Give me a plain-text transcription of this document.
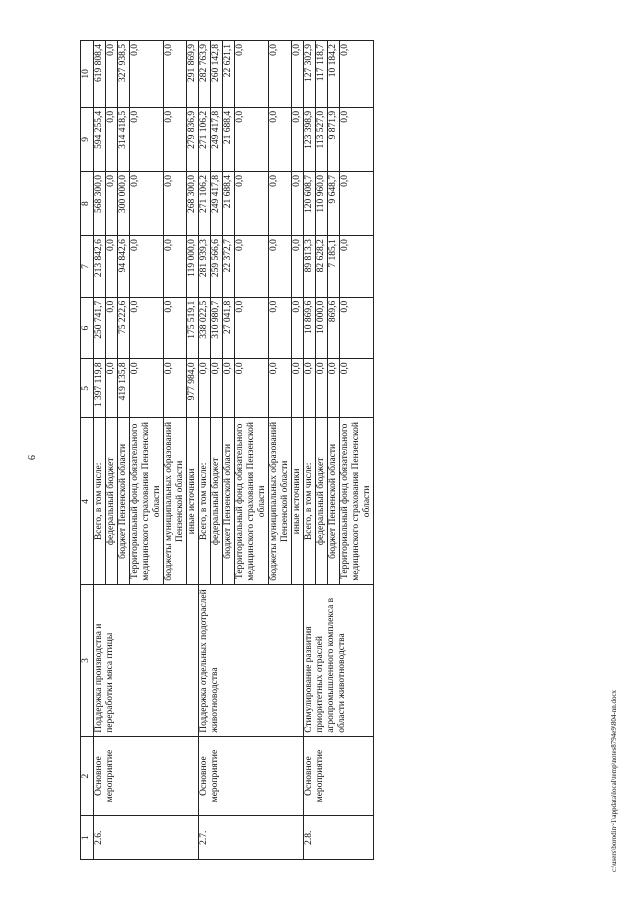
9
1	2	3	4	5	6	7	8	9	10
2.6.	Основное мероприятие	Поддержка производства и переработки мяса птицы	Всего, в том числе:	1 397 119,8	250 741,7	213 842,6	568 300,0	594 255,4	619 808,4
			федеральный бюджет	0,0	0,0	0,0	0,0	0,0	0,0
			бюджет Пензенской области	419 135,8	75 222,6	94 842,6	300 000,0	314 418,5	327 938,5
			Территориальный фонд обязательного медицинского страхования Пензенской области	0,0	0,0	0,0	0,0	0,0	0,0
			бюджеты муниципальных образований Пензенской области	0,0	0,0	0,0	0,0	0,0	0,0
			иные источники	977 984,0	175 519,1	119 000,0	268 300,0	279 836,9	291 869,9
2.7.	Основное мероприятие	Поддержка отдельных подотраслей животноводства	Всего, в том числе:	0,0	338 022,5	281 939,3	271 106,2	271 106,2	282 763,9
			федеральный бюджет	0,0	310 980,7	259 566,6	249 417,8	249 417,8	260 142,8
			бюджет Пензенской области	0,0	27 041,8	22 372,7	21 688,4	21 688,4	22 621,1
			Территориальный фонд обязательного медицинского страхования Пензенской области	0,0	0,0	0,0	0,0	0,0	0,0
			бюджеты муниципальных образований Пензенской области	0,0	0,0	0,0	0,0	0,0	0,0
			иные источники	0,0	0,0	0,0	0,0	0,0	0,0
2.8.	Основное мероприятие	Стимулирование развития приоритетных отраслей агропромышленного комплекса в области животноводства	Всего, в том числе:	0,0	10 869,6	89 813,3	120 608,7	123 398,9	127 302,9
			федеральный бюджет	0,0	10 000,0	82 628,2	110 960,0	113 527,0	117 118,7
			бюджет Пензенской области	0,0	869,6	7 185,1	9 648,7	9 871,9	10 184,2
			Территориальный фонд обязательного медицинского страхования Пензенской области	0,0	0,0	0,0	0,0	0,0	0,0
c:\users\borodin~1\appdata\local\temp\notes8794e9\804-nn.docx
